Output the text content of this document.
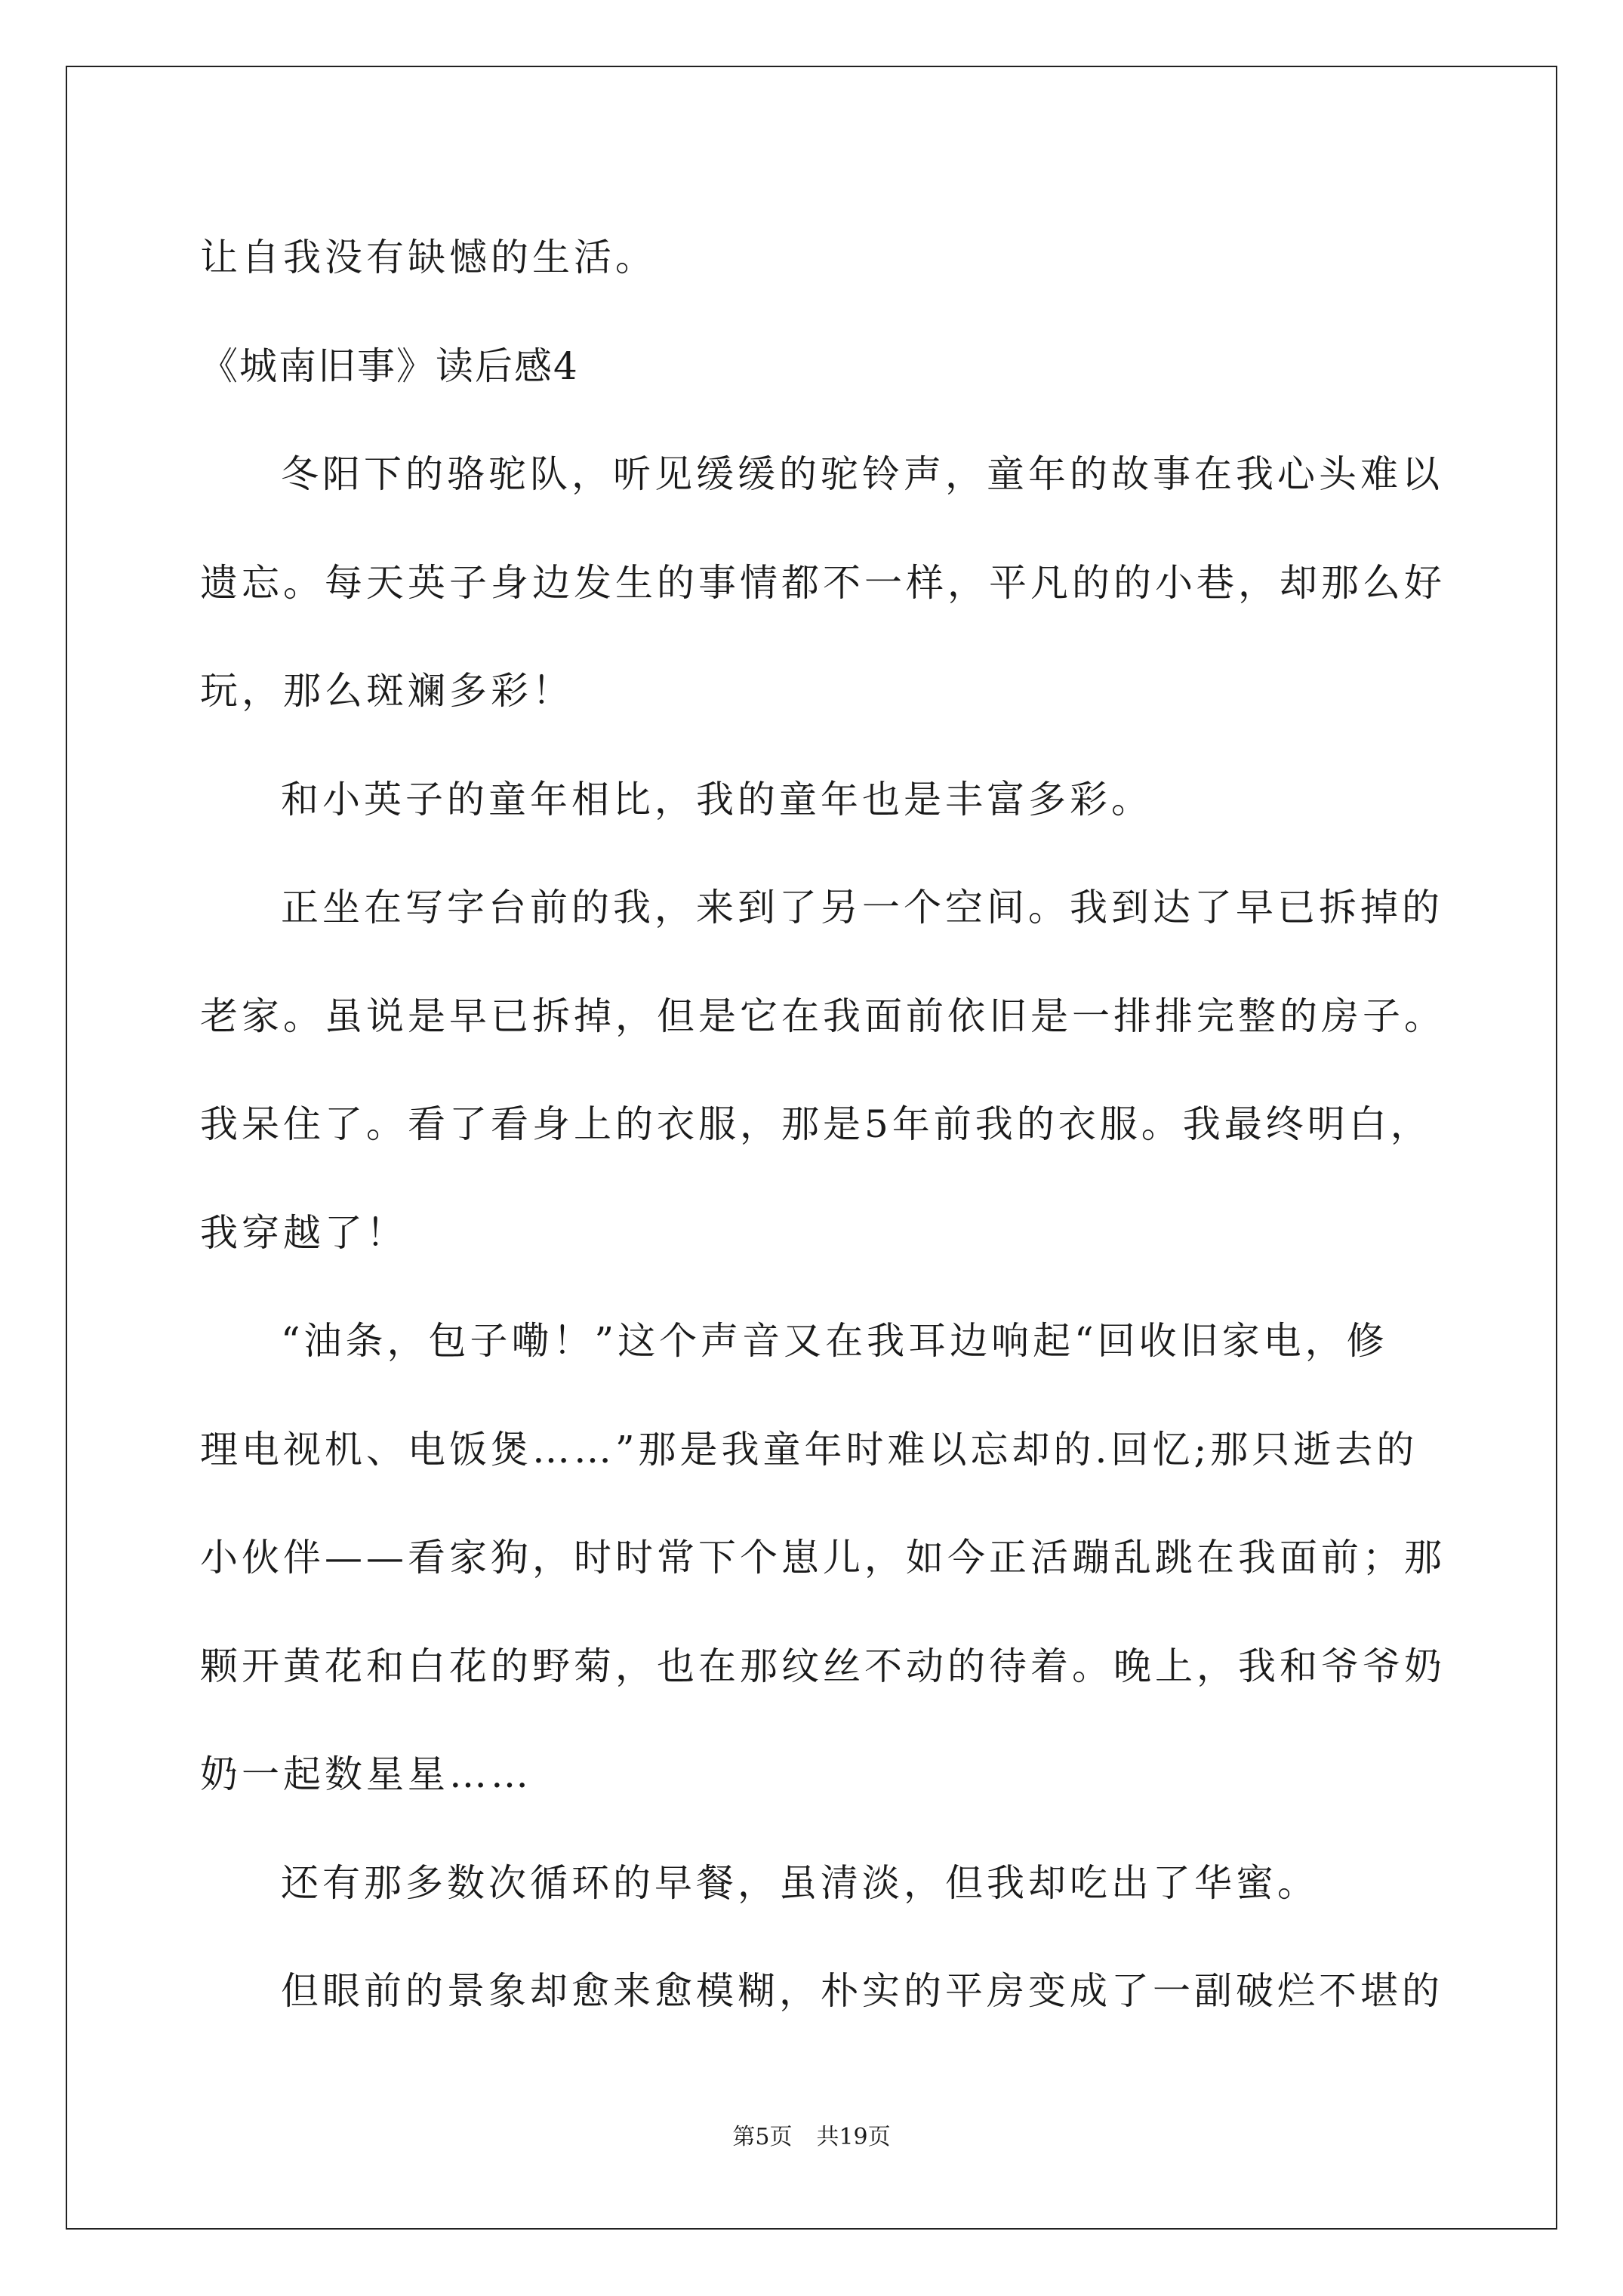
让自我没有缺憾的生活。
《城南旧事》读后感4
冬阳下的骆驼队，听见缓缓的驼铃声，童年的故事在我心头难以
遗忘。每天英子身边发生的事情都不一样，平凡的的小巷，却那么好
玩，那么斑斓多彩！
和小英子的童年相比，我的童年也是丰富多彩。
正坐在写字台前的我，来到了另一个空间。我到达了早已拆掉的
老家。虽说是早已拆掉，但是它在我面前依旧是一排排完整的房子。
我呆住了。看了看身上的衣服，那是5年前我的衣服。我最终明白，
我穿越了！
“油条，包子嘞！”这个声音又在我耳边响起“回收旧家电，修
理电视机、电饭煲……”那是我童年时难以忘却的.回忆;那只逝去的
小伙伴——看家狗，时时常下个崽儿，如今正活蹦乱跳在我面前；那
颗开黄花和白花的野菊，也在那纹丝不动的待着。晚上，我和爷爷奶
奶一起数星星……
还有那多数次循环的早餐，虽清淡，但我却吃出了华蜜。
但眼前的景象却愈来愈模糊，朴实的平房变成了一副破烂不堪的
第5页 共19页
